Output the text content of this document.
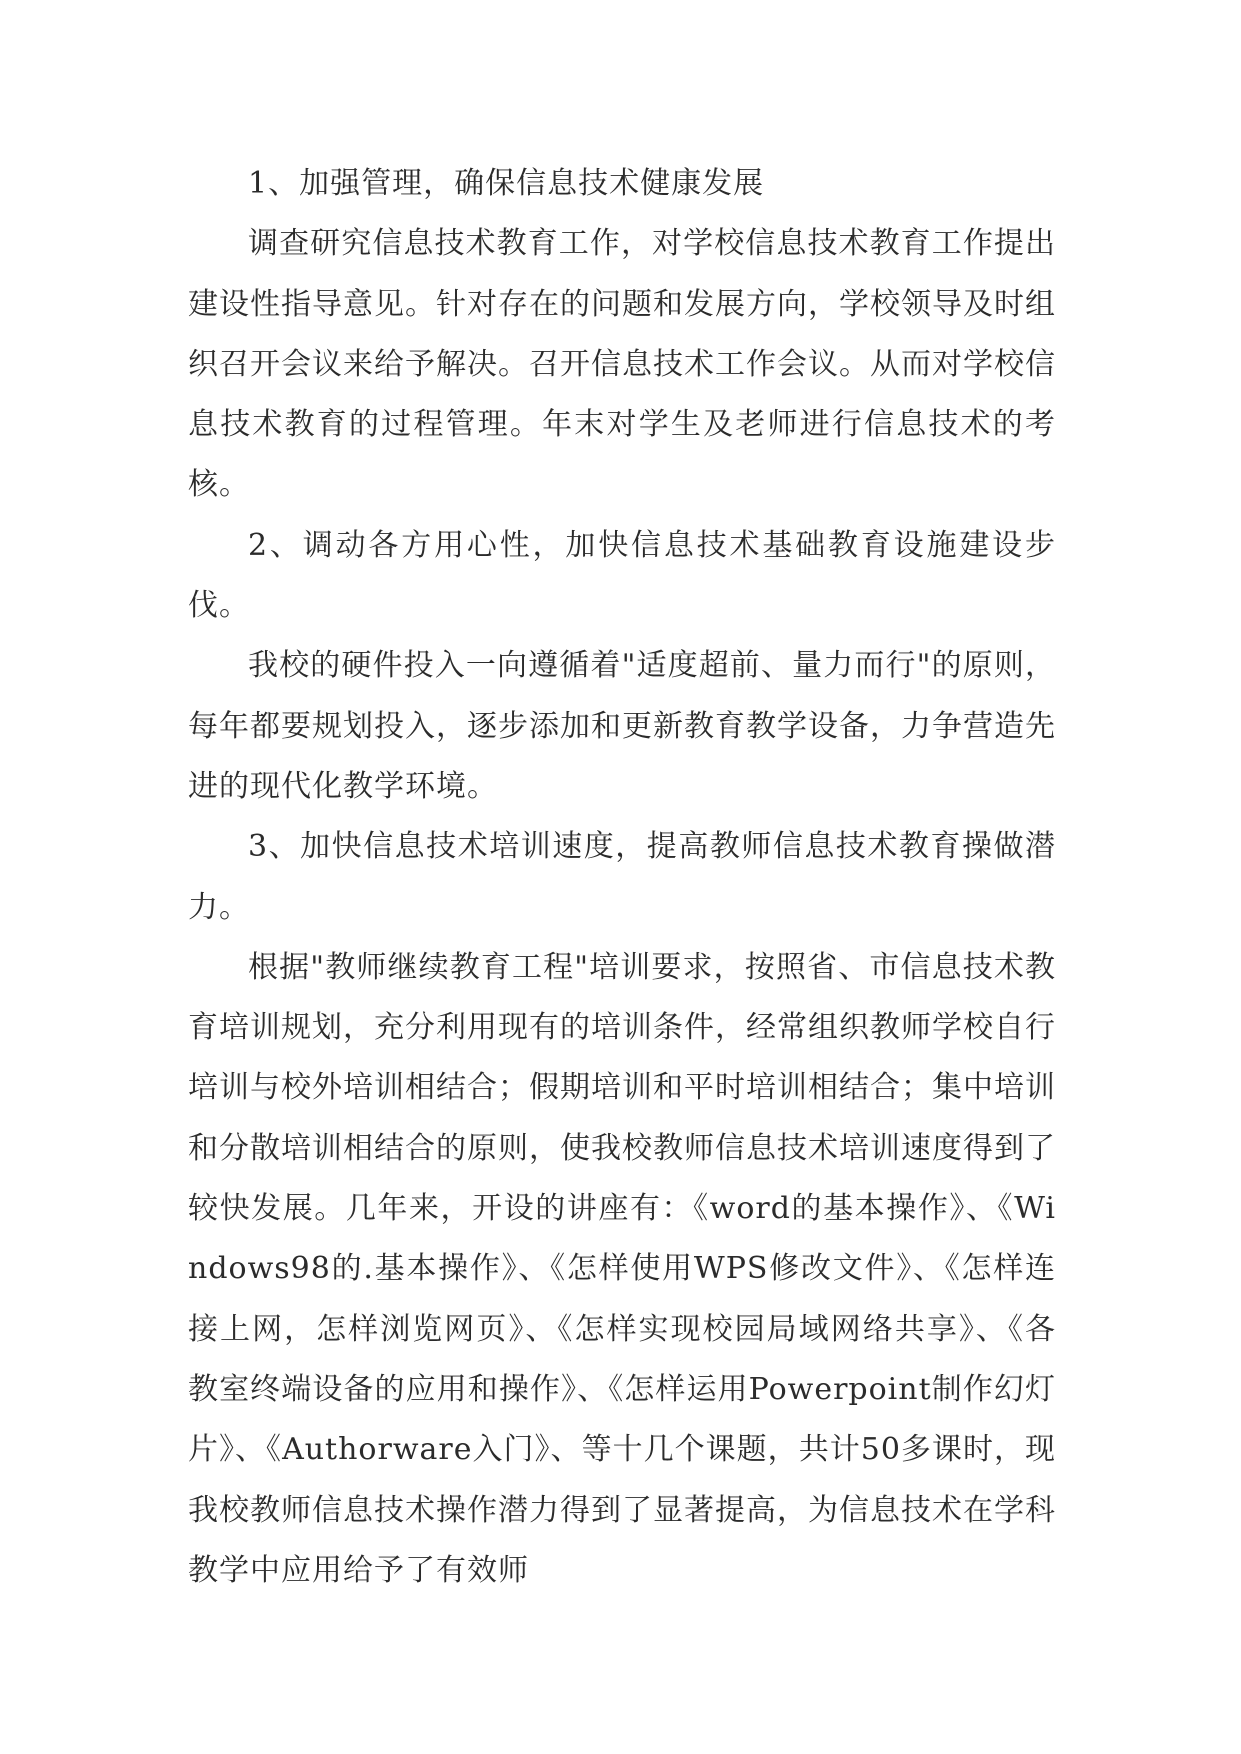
1、加强管理，确保信息技术健康发展

调查研究信息技术教育工作，对学校信息技术教育工作提出建设性指导意见。针对存在的问题和发展方向，学校领导及时组织召开会议来给予解决。召开信息技术工作会议。从而对学校信息技术教育的过程管理。年末对学生及老师进行信息技术的考核。

2、调动各方用心性，加快信息技术基础教育设施建设步伐。

我校的硬件投入一向遵循着"适度超前、量力而行"的原则，每年都要规划投入，逐步添加和更新教育教学设备，力争营造先进的现代化教学环境。

3、加快信息技术培训速度，提高教师信息技术教育操做潜力。

根据"教师继续教育工程"培训要求，按照省、市信息技术教育培训规划，充分利用现有的培训条件，经常组织教师学校自行培训与校外培训相结合；假期培训和平时培训相结合；集中培训和分散培训相结合的原则，使我校教师信息技术培训速度得到了较快发展。几年来，开设的讲座有：《word的基本操作》、《Windows98的.基本操作》、《怎样使用WPS修改文件》、《怎样连接上网，怎样浏览网页》、《怎样实现校园局域网络共享》、《各教室终端设备的应用和操作》、《怎样运用Powerpoint制作幻灯片》、《Authorware入门》、等十几个课题，共计50多课时，现我校教师信息技术操作潜力得到了显著提高，为信息技术在学科教学中应用给予了有效师
